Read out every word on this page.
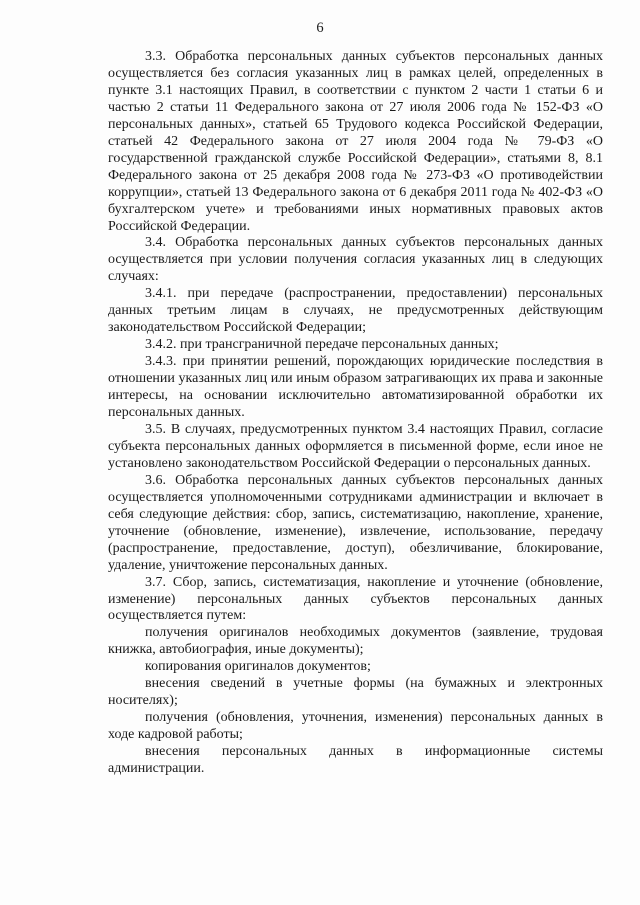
6

3.3. Обработка персональных данных субъектов персональных данных осуществляется без согласия указанных лиц в рамках целей, определенных в пункте 3.1 настоящих Правил, в соответствии с пунктом 2 части 1 статьи 6 и частью 2 статьи 11 Федерального закона от 27 июля 2006 года № 152-ФЗ «О персональных данных», статьей 65 Трудового кодекса Российской Федерации, статьей 42 Федерального закона от 27 июля 2004 года № 79-ФЗ «О государственной гражданской службе Российской Федерации», статьями 8, 8.1 Федерального закона от 25 декабря 2008 года № 273-ФЗ «О противодействии коррупции», статьей 13 Федерального закона от 6 декабря 2011 года № 402-ФЗ «О бухгалтерском учете» и требованиями иных нормативных правовых актов Российской Федерации.

3.4. Обработка персональных данных субъектов персональных данных осуществляется при условии получения согласия указанных лиц в следующих случаях:

3.4.1. при передаче (распространении, предоставлении) персональных данных третьим лицам в случаях, не предусмотренных действующим законодательством Российской Федерации;

3.4.2. при трансграничной передаче персональных данных;

3.4.3. при принятии решений, порождающих юридические последствия в отношении указанных лиц или иным образом затрагивающих их права и законные интересы, на основании исключительно автоматизированной обработки их персональных данных.

3.5. В случаях, предусмотренных пунктом 3.4 настоящих Правил, согласие субъекта персональных данных оформляется в письменной форме, если иное не установлено законодательством Российской Федерации о персональных данных.

3.6. Обработка персональных данных субъектов персональных данных осуществляется уполномоченными сотрудниками администрации и включает в себя следующие действия: сбор, запись, систематизацию, накопление, хранение, уточнение (обновление, изменение), извлечение, использование, передачу (распространение, предоставление, доступ), обезличивание, блокирование, удаление, уничтожение персональных данных.

3.7. Сбор, запись, систематизация, накопление и уточнение (обновление, изменение) персональных данных субъектов персональных данных осуществляется путем:

получения оригиналов необходимых документов (заявление, трудовая книжка, автобиография, иные документы);

копирования оригиналов документов;

внесения сведений в учетные формы (на бумажных и электронных носителях);

получения (обновления, уточнения, изменения) персональных данных в ходе кадровой работы;

внесения персональных данных в информационные системы администрации.
